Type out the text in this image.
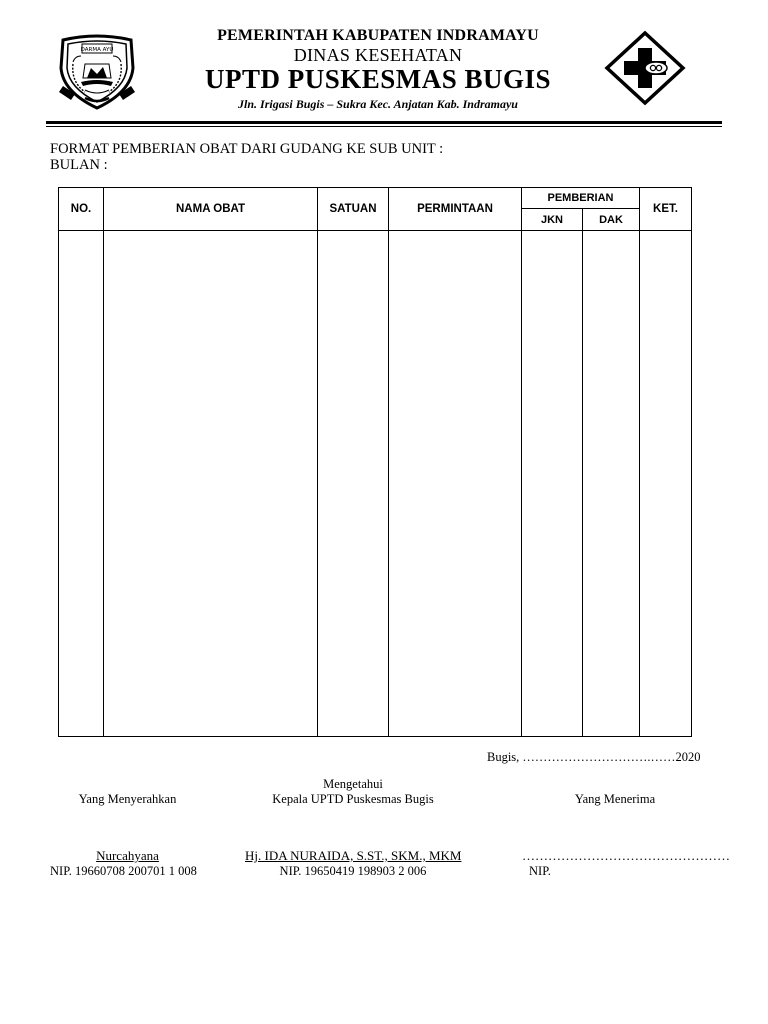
DARMA AYU
PEMERINTAH KABUPATEN INDRAMAYU
DINAS KESEHATAN
UPTD PUSKESMAS BUGIS
Jln. Irigasi Bugis – Sukra Kec. Anjatan Kab. Indramayu
FORMAT PEMBERIAN OBAT DARI GUDANG KE SUB UNIT :
BULAN :
NO.	NAMA OBAT	SATUAN	PERMINTAAN	PEMBERIAN		KET.
				JKN	DAK	

Bugis, ………………………….……2020
Mengetahui
Yang Menyerahkan	Kepala UPTD Puskesmas Bugis	Yang Menerima
Nurcahyana	Hj. IDA NURAIDA, S.ST., SKM., MKM	…………………………………………
NIP. 19660708 200701 1 008	NIP. 19650419 198903 2 006	NIP.
